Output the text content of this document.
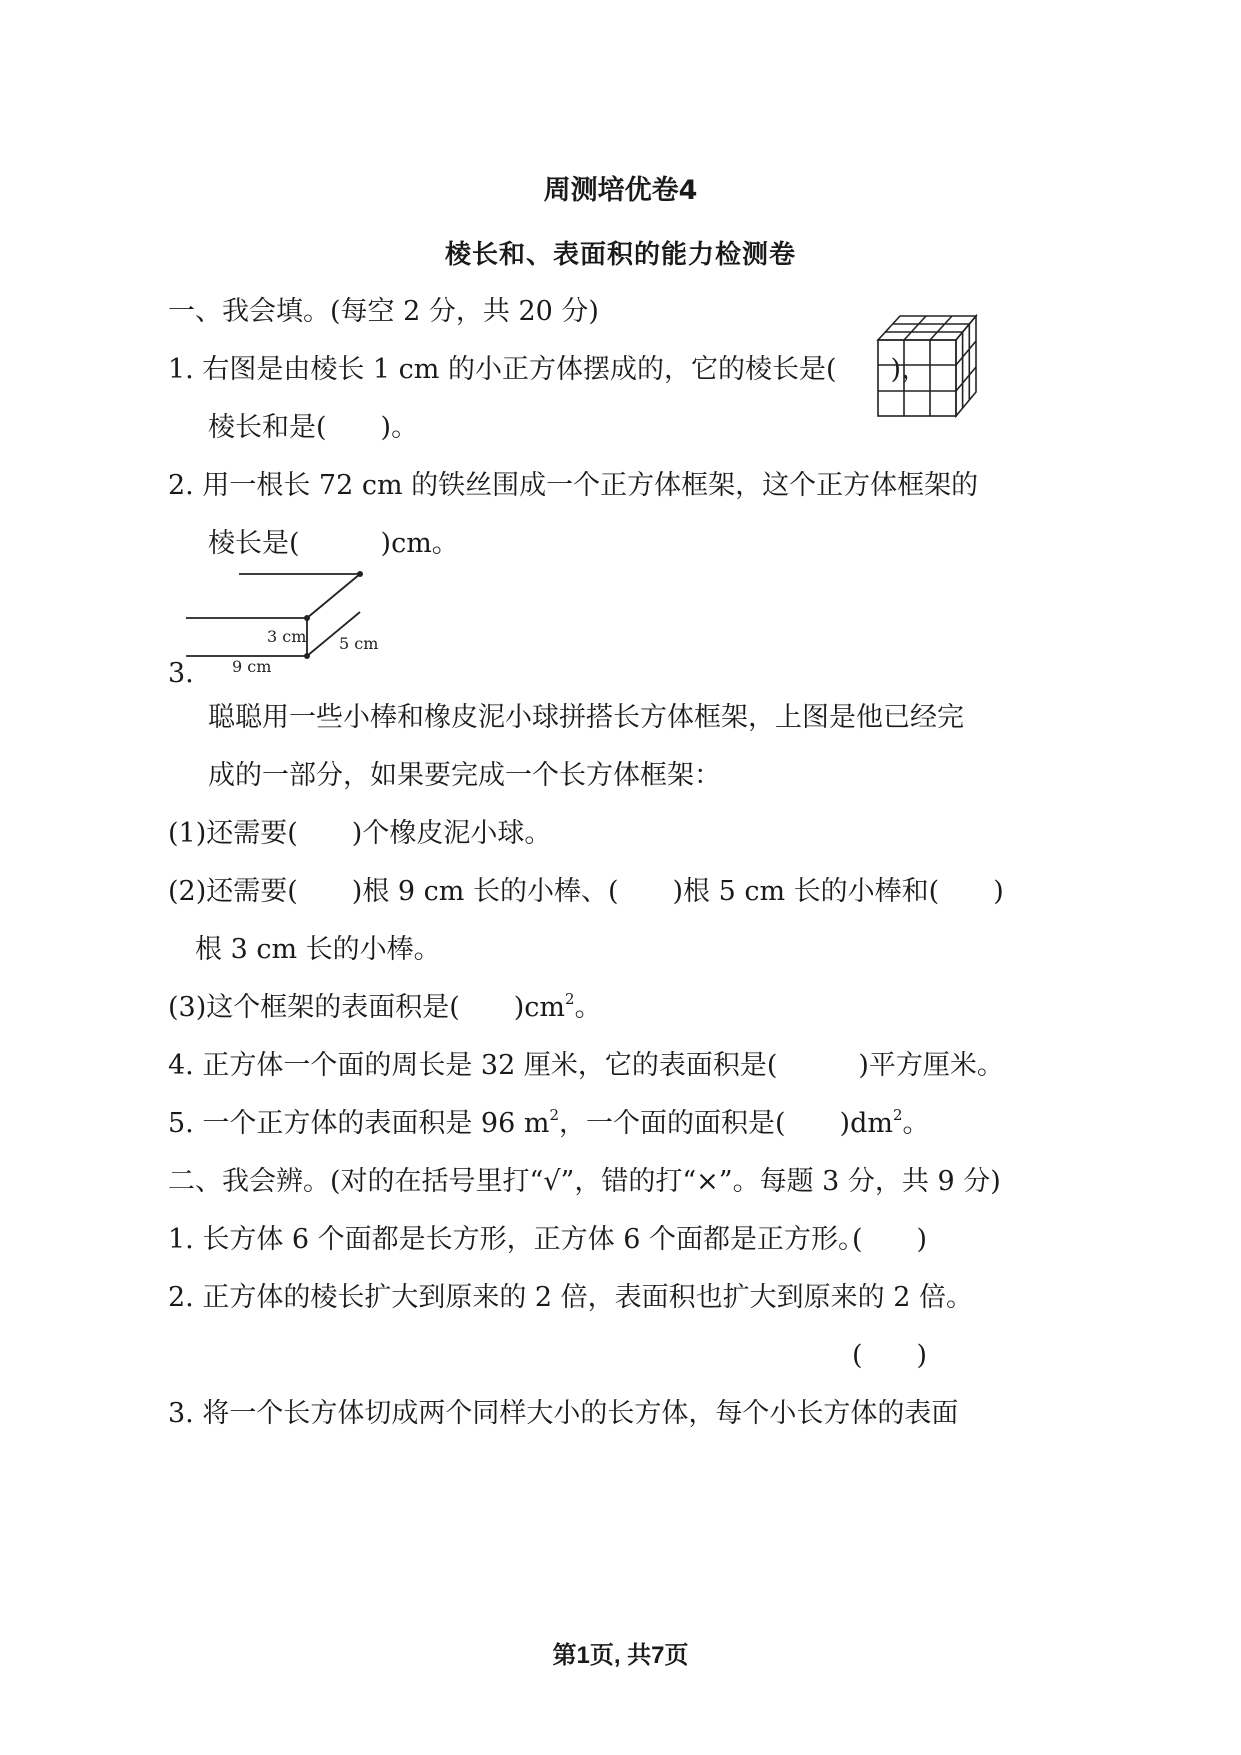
周测培优卷4
棱长和、表面积的能力检测卷
一、我会填。(每空 2 分，共 20 分)
1. 右图是由棱长 1 cm 的小正方体摆成的，它的棱长是(　　)，
棱长和是(　　)。
2. 用一根长 72 cm 的铁丝围成一个正方体框架，这个正方体框架的
棱长是(　　　)cm。
3 cm 5 cm
9 cm
3.
聪聪用一些小棒和橡皮泥小球拼搭长方体框架，上图是他已经完
成的一部分，如果要完成一个长方体框架：
(1)还需要(　　)个橡皮泥小球。
(2)还需要(　　)根 9 cm 长的小棒、(　　)根 5 cm 长的小棒和(　　)
根 3 cm 长的小棒。
(3)这个框架的表面积是(　　)$cm^2$。
4. 正方体一个面的周长是 32 厘米，它的表面积是(　　　)平方厘米。
5. 一个正方体的表面积是 96 $m^2$，一个面的面积是(　　)$dm^2$。
二、我会辨。(对的在括号里打“√”，错的打“×”。每题 3 分，共 9 分)
1. 长方体 6 个面都是长方形，正方体 6 个面都是正方形。
(　　)
2. 正方体的棱长扩大到原来的 2 倍，表面积也扩大到原来的 2 倍。
(　　)
3. 将一个长方体切成两个同样大小的长方体，每个小长方体的表面
第1页, 共7页
